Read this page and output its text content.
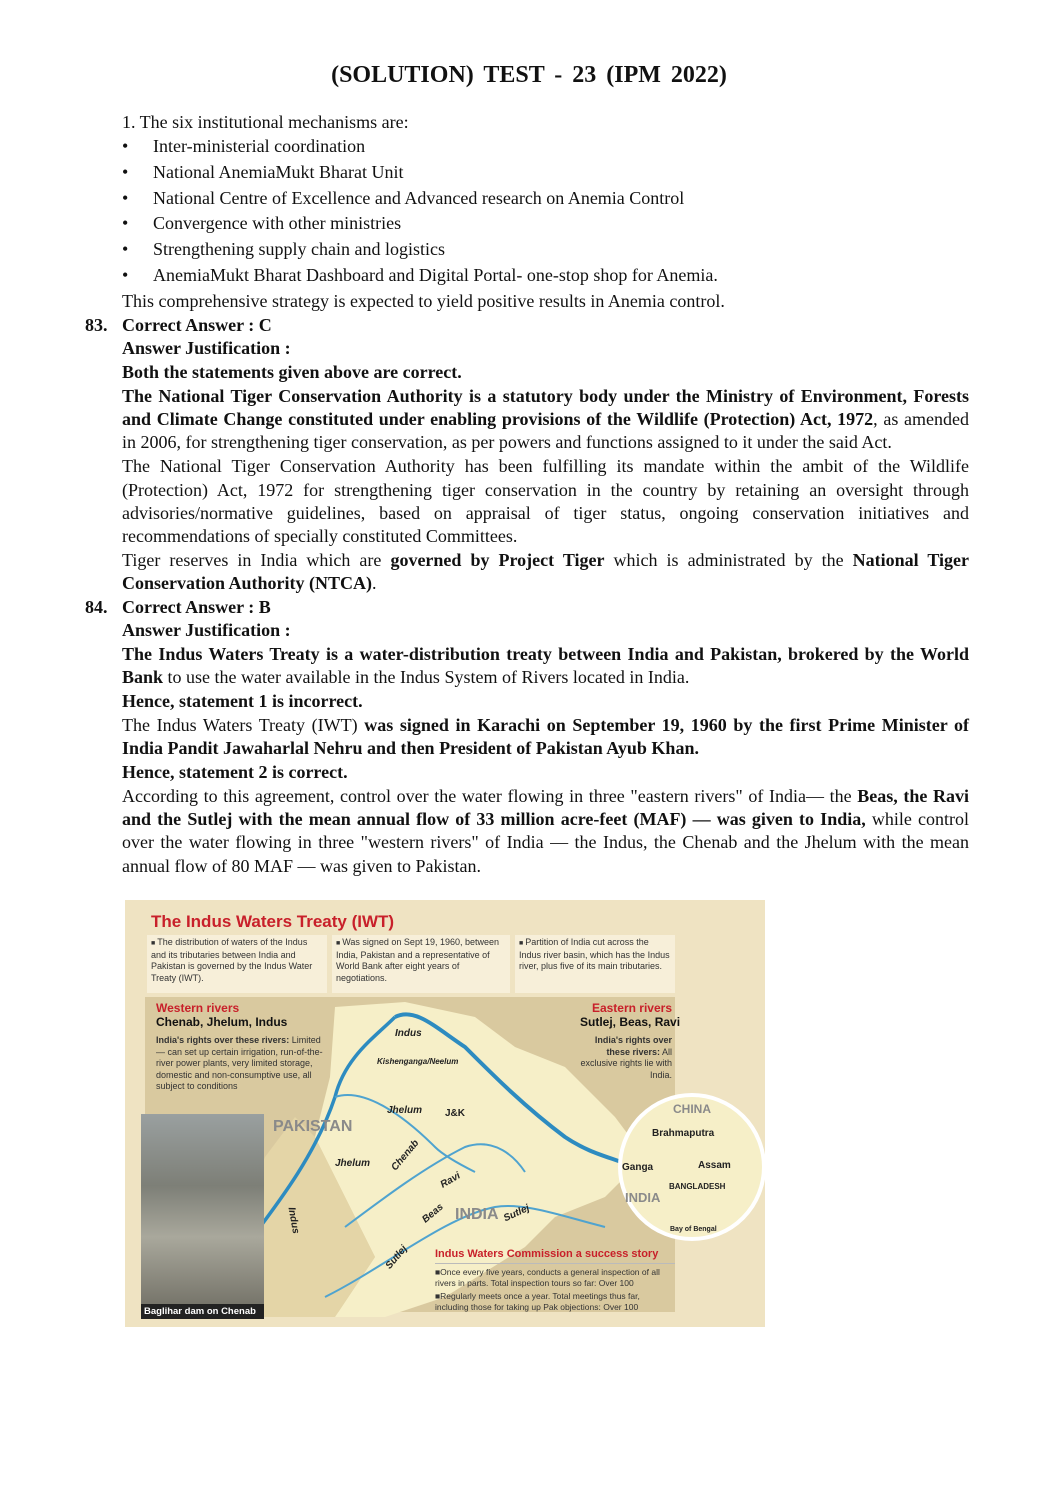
(SOLUTION) TEST - 23 (IPM 2022)
1. The six institutional mechanisms are:
• Inter-ministerial coordination
• National AnemiaMukt Bharat Unit
• National Centre of Excellence and Advanced research on Anemia Control
• Convergence with other ministries
• Strengthening supply chain and logistics
• AnemiaMukt Bharat Dashboard and Digital Portal- one-stop shop for Anemia.
This comprehensive strategy is expected to yield positive results in Anemia control.
83. Correct Answer : C
Answer Justification :
Both the statements given above are correct.
The National Tiger Conservation Authority is a statutory body under the Ministry of Environment, Forests and Climate Change constituted under enabling provisions of the Wildlife (Protection) Act, 1972, as amended in 2006, for strengthening tiger conservation, as per powers and functions assigned to it under the said Act.
The National Tiger Conservation Authority has been fulfilling its mandate within the ambit of the Wildlife (Protection) Act, 1972 for strengthening tiger conservation in the country by retaining an oversight through advisories/normative guidelines, based on appraisal of tiger status, ongoing conservation initiatives and recommendations of specially constituted Committees.
Tiger reserves in India which are governed by Project Tiger which is administrated by the National Tiger Conservation Authority (NTCA).
84. Correct Answer : B
Answer Justification :
The Indus Waters Treaty is a water-distribution treaty between India and Pakistan, brokered by the World Bank to use the water available in the Indus System of Rivers located in India.
Hence, statement 1 is incorrect.
The Indus Waters Treaty (IWT) was signed in Karachi on September 19, 1960 by the first Prime Minister of India Pandit Jawaharlal Nehru and then President of Pakistan Ayub Khan.
Hence, statement 2 is correct.
According to this agreement, control over the water flowing in three "eastern rivers" of India— the Beas, the Ravi and the Sutlej with the mean annual flow of 33 million acre-feet (MAF) — was given to India, while control over the water flowing in three "western rivers" of India — the Indus, the Chenab and the Jhelum with the mean annual flow of 80 MAF — was given to Pakistan.
The Indus Waters Treaty (IWT)
■ The distribution of waters of the Indus and its tributaries between India and Pakistan is governed by the Indus Water Treaty (IWT).
■ Was signed on Sept 19, 1960, between India, Pakistan and a representative of World Bank after eight years of negotiations.
■ Partition of India cut across the Indus river basin, which has the Indus river, plus five of its main tributaries.
Western rivers
Chenab, Jhelum, Indus
India's rights over these rivers: Limited — can set up certain irrigation, run-of-the-river power plants, very limited storage, domestic and non-consumptive use, all subject to conditions
Eastern rivers
Sutlej, Beas, Ravi
India's rights over these rivers: All exclusive rights lie with India.
Indus
Kishenganga/Neelum
Jhelum J&K
PAKISTAN
Jhelum Chenab
Ravi
Indus	Beas INDIA Sutlej
Sutlej
CHINA
Brahmaputra
Ganga	Assam
INDIA
BANGLADESH
Bay of Bengal
Baglihar dam on Chenab
Indus Waters Commission a success story
■Once every five years, conducts a general inspection of all rivers in parts. Total inspection tours so far: Over 100
■Regularly meets once a year. Total meetings thus far, including those for taking up Pak objections: Over 100
